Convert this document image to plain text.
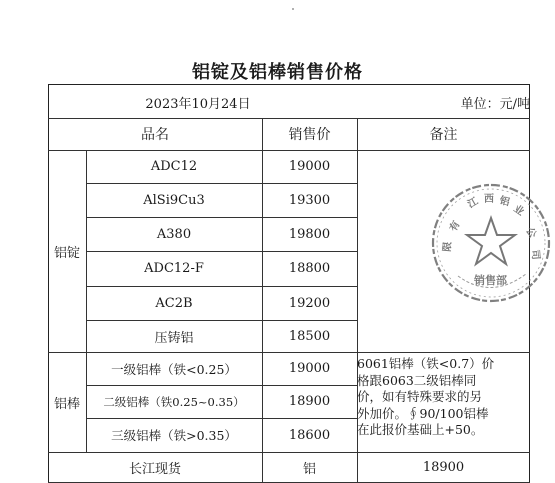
铝锭及铝棒销售价格
2023年10月24日	单位：元/吨
品名	销售价	备注
铝锭
ADC12	19000
AlSi9Cu3	19300
A380	19800
ADC12-F	18800
AC2B	19200
压铸铝	18500
铝棒
一级铝棒（铁<0.25）	19000
二级铝棒（铁0.25~0.35）	18900
三级铝棒（铁>0.35）	18600
6061铝棒（铁<0.7）价
格跟6063二级铝棒同
价，如有特殊要求的另
外加价。∮90/100铝棒
在此报价基础上+50。
长江现货	铝	18900
江 西 铝
业
有
限
公
司
销售部
